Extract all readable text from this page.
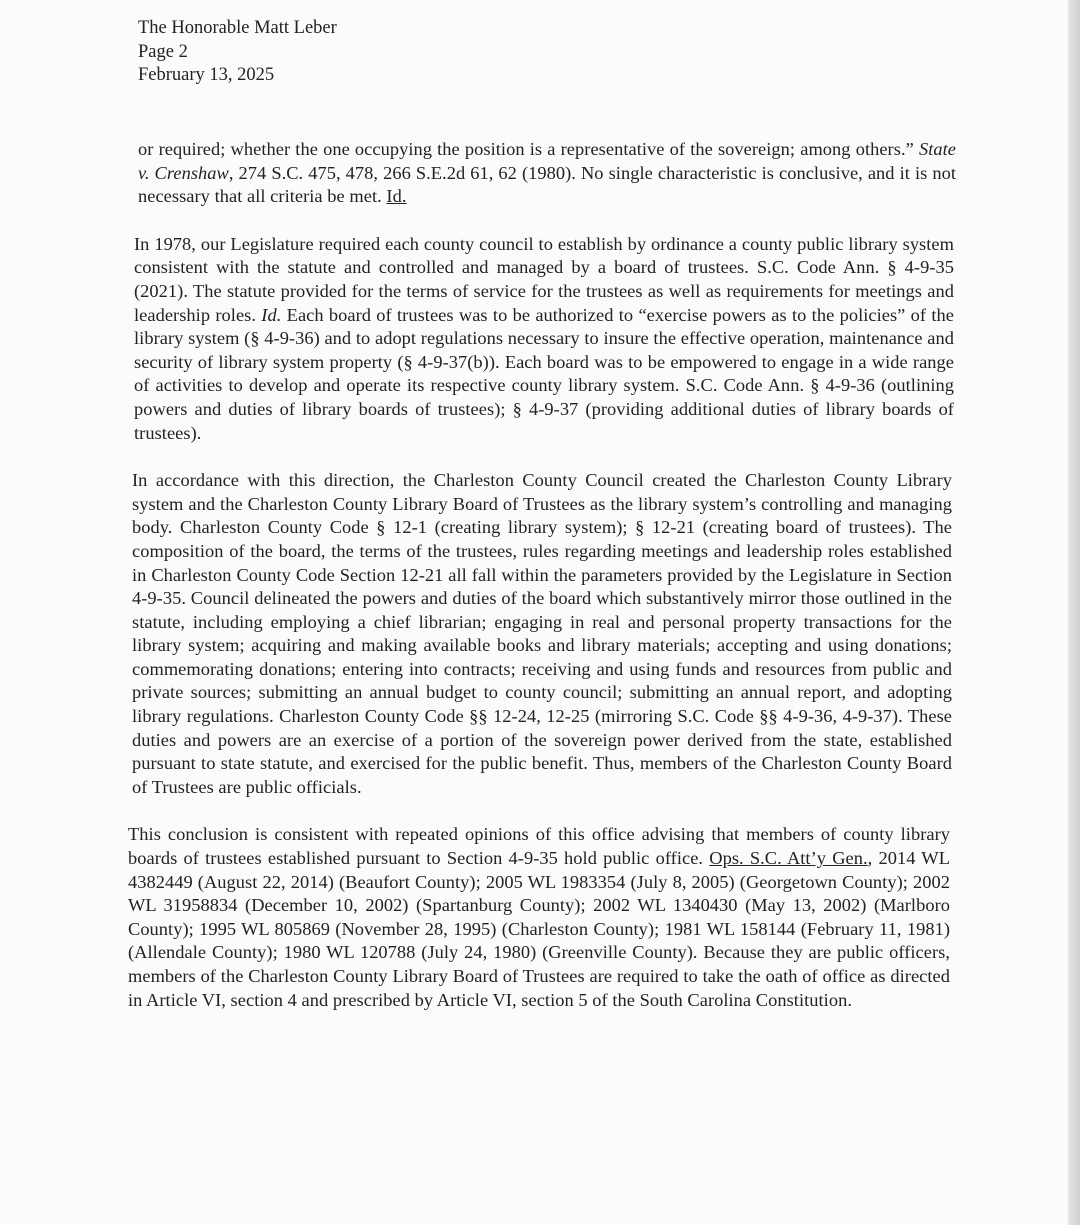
The Honorable Matt Leber
Page 2
February 13, 2025

or required; whether the one occupying the position is a representative of the sovereign; among others.” State v. Crenshaw, 274 S.C. 475, 478, 266 S.E.2d 61, 62 (1980). No single characteristic is conclusive, and it is not necessary that all criteria be met. Id.

In 1978, our Legislature required each county council to establish by ordinance a county public library system consistent with the statute and controlled and managed by a board of trustees. S.C. Code Ann. § 4-9-35 (2021). The statute provided for the terms of service for the trustees as well as requirements for meetings and leadership roles. Id. Each board of trustees was to be authorized to “exercise powers as to the policies” of the library system (§ 4-9-36) and to adopt regulations necessary to insure the effective operation, maintenance and security of library system property (§ 4-9-37(b)). Each board was to be empowered to engage in a wide range of activities to develop and operate its respective county library system. S.C. Code Ann. § 4-9-36 (outlining powers and duties of library boards of trustees); § 4-9-37 (providing additional duties of library boards of trustees).

In accordance with this direction, the Charleston County Council created the Charleston County Library system and the Charleston County Library Board of Trustees as the library system’s controlling and managing body. Charleston County Code § 12-1 (creating library system); § 12-21 (creating board of trustees). The composition of the board, the terms of the trustees, rules regarding meetings and leadership roles established in Charleston County Code Section 12-21 all fall within the parameters provided by the Legislature in Section 4-9-35. Council delineated the powers and duties of the board which substantively mirror those outlined in the statute, including employing a chief librarian; engaging in real and personal property transactions for the library system; acquiring and making available books and library materials; accepting and using donations; commemorating donations; entering into contracts; receiving and using funds and resources from public and private sources; submitting an annual budget to county council; submitting an annual report, and adopting library regulations. Charleston County Code §§ 12-24, 12-25 (mirroring S.C. Code §§ 4-9-36, 4-9-37). These duties and powers are an exercise of a portion of the sovereign power derived from the state, established pursuant to state statute, and exercised for the public benefit. Thus, members of the Charleston County Board of Trustees are public officials.

This conclusion is consistent with repeated opinions of this office advising that members of county library boards of trustees established pursuant to Section 4-9-35 hold public office. Ops. S.C. Att’y Gen., 2014 WL 4382449 (August 22, 2014) (Beaufort County); 2005 WL 1983354 (July 8, 2005) (Georgetown County); 2002 WL 31958834 (December 10, 2002) (Spartanburg County); 2002 WL 1340430 (May 13, 2002) (Marlboro County); 1995 WL 805869 (November 28, 1995) (Charleston County); 1981 WL 158144 (February 11, 1981) (Allendale County); 1980 WL 120788 (July 24, 1980) (Greenville County). Because they are public officers, members of the Charleston County Library Board of Trustees are required to take the oath of office as directed in Article VI, section 4 and prescribed by Article VI, section 5 of the South Carolina Constitution.
